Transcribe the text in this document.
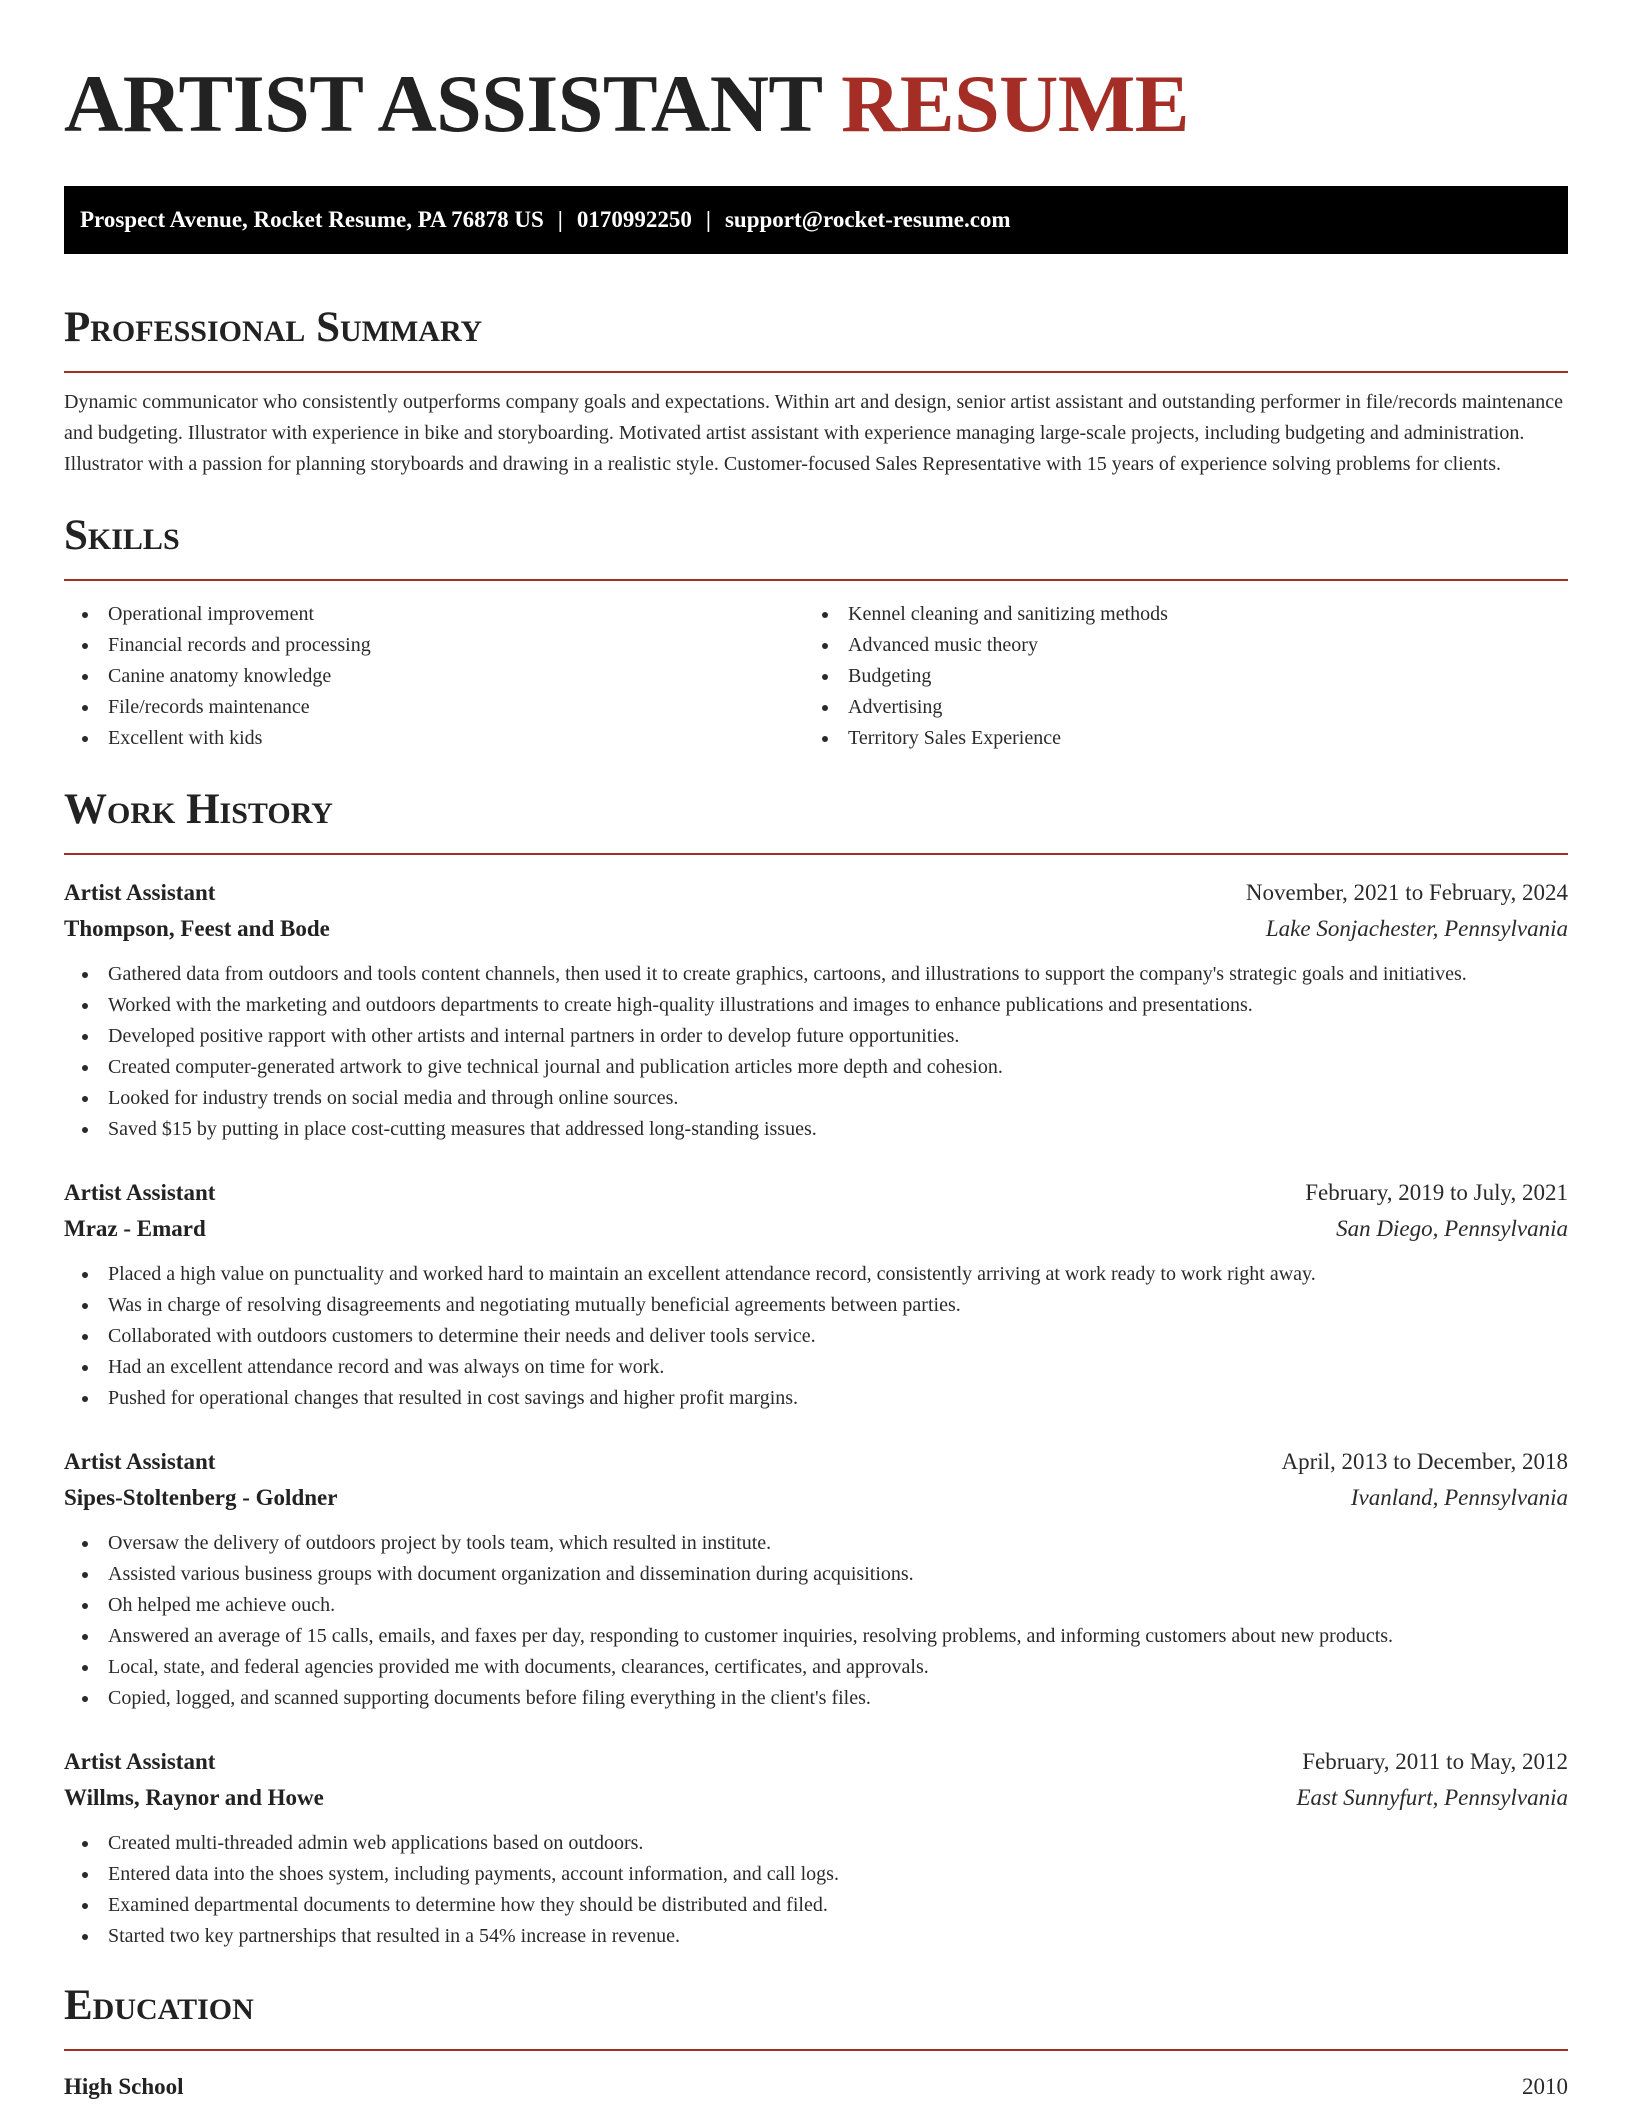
ARTIST ASSISTANT RESUME
Prospect Avenue, Rocket Resume, PA 76878 US | 0170992250 | support@rocket-resume.com
Professional Summary

Dynamic communicator who consistently outperforms company goals and expectations. Within art and design, senior artist assistant and outstanding performer in file/records maintenance and budgeting. Illustrator with experience in bike and storyboarding. Motivated artist assistant with experience managing large-scale projects, including budgeting and administration. Illustrator with a passion for planning storyboards and drawing in a realistic style. Customer-focused Sales Representative with 15 years of experience solving problems for clients.

Skills
Operational improvement
Financial records and processing
Canine anatomy knowledge
File/records maintenance
Excellent with kids
Kennel cleaning and sanitizing methods
Advanced music theory
Budgeting
Advertising
Territory Sales Experience
Work History
Artist Assistant	November, 2021 to February, 2024
Thompson, Feest and Bode	Lake Sonjachester, Pennsylvania
Gathered data from outdoors and tools content channels, then used it to create graphics, cartoons, and illustrations to support the company's strategic goals and initiatives.
Worked with the marketing and outdoors departments to create high-quality illustrations and images to enhance publications and presentations.
Developed positive rapport with other artists and internal partners in order to develop future opportunities.
Created computer-generated artwork to give technical journal and publication articles more depth and cohesion.
Looked for industry trends on social media and through online sources.
Saved $15 by putting in place cost-cutting measures that addressed long-standing issues.
Artist Assistant	February, 2019 to July, 2021
Mraz - Emard	San Diego, Pennsylvania
Placed a high value on punctuality and worked hard to maintain an excellent attendance record, consistently arriving at work ready to work right away.
Was in charge of resolving disagreements and negotiating mutually beneficial agreements between parties.
Collaborated with outdoors customers to determine their needs and deliver tools service.
Had an excellent attendance record and was always on time for work.
Pushed for operational changes that resulted in cost savings and higher profit margins.
Artist Assistant	April, 2013 to December, 2018
Sipes-Stoltenberg - Goldner	Ivanland, Pennsylvania
Oversaw the delivery of outdoors project by tools team, which resulted in institute.
Assisted various business groups with document organization and dissemination during acquisitions.
Oh helped me achieve ouch.
Answered an average of 15 calls, emails, and faxes per day, responding to customer inquiries, resolving problems, and informing customers about new products.
Local, state, and federal agencies provided me with documents, clearances, certificates, and approvals.
Copied, logged, and scanned supporting documents before filing everything in the client's files.
Artist Assistant	February, 2011 to May, 2012
Willms, Raynor and Howe	East Sunnyfurt, Pennsylvania
Created multi-threaded admin web applications based on outdoors.
Entered data into the shoes system, including payments, account information, and call logs.
Examined departmental documents to determine how they should be distributed and filed.
Started two key partnerships that resulted in a 54% increase in revenue.
Education
High School	2010
